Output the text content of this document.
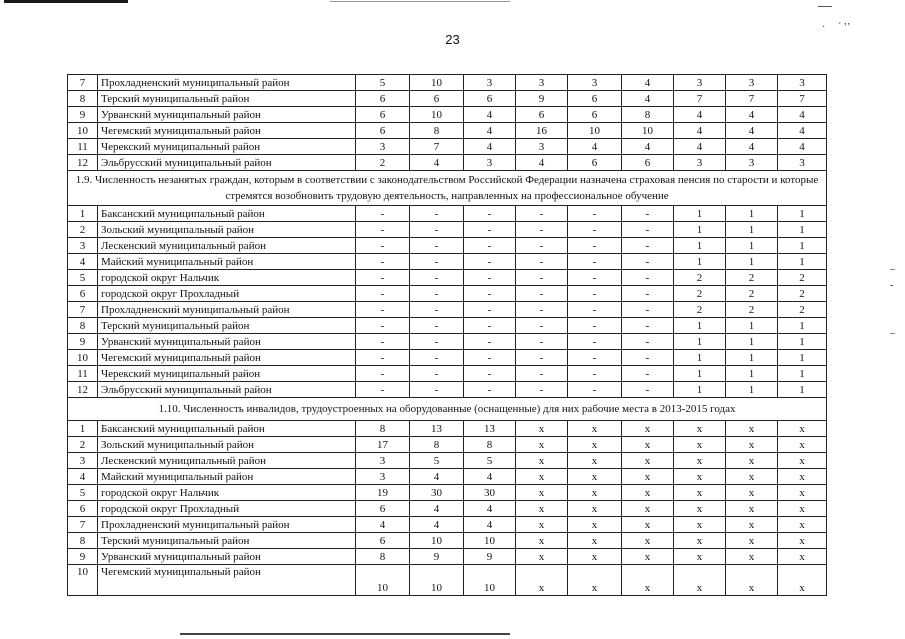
·     ˊ ʼʼ
–
‐

–
23
7	Прохладненский муниципальный район	5	10	3	3	3	4	3	3	3
8	Терский муниципальный район	6	6	6	9	6	4	7	7	7
9	Урванский муниципальный район	6	10	4	6	6	8	4	4	4
10	Чегемский муниципальный район	6	8	4	16	10	10	4	4	4
11	Черекский муниципальный район	3	7	4	3	4	4	4	4	4
12	Эльбрусский муниципальный район	2	4	3	4	6	6	3	3	3
1.9. Численность незанятых граждан, которым в соответствии с законодательством Российской Федерации назначена страховая пенсия по старости и которые стремятся возобновить трудовую деятельность, направленных на профессиональное обучение										
1	Баксанский муниципальный район	-	-	-	-	-	-	1	1	1
2	Зольский муниципальный район	-	-	-	-	-	-	1	1	1
3	Лескенский муниципальный район	-	-	-	-	-	-	1	1	1
4	Майский муниципальный район	-	-	-	-	-	-	1	1	1
5	городской округ Нальчик	-	-	-	-	-	-	2	2	2
6	городской округ Прохладный	-	-	-	-	-	-	2	2	2
7	Прохладненский муниципальный район	-	-	-	-	-	-	2	2	2
8	Терский муниципальный район	-	-	-	-	-	-	1	1	1
9	Урванский муниципальный район	-	-	-	-	-	-	1	1	1
10	Чегемский муниципальный район	-	-	-	-	-	-	1	1	1
11	Черекский муниципальный район	-	-	-	-	-	-	1	1	1
12	Эльбрусский муниципальный район	-	-	-	-	-	-	1	1	1
1.10. Численность инвалидов, трудоустроенных на оборудованные (оснащенные) для них рабочие места в 2013-2015 годах										
1	Баксанский муниципальный район	8	13	13	x	x	x	x	x	x
2	Зольский муниципальный район	17	8	8	x	x	x	x	x	x
3	Лескенский муниципальный район	3	5	5	x	x	x	x	x	x
4	Майский муниципальный район	3	4	4	x	x	x	x	x	x
5	городской округ Нальчик	19	30	30	x	x	x	x	x	x
6	городской округ Прохладный	6	4	4	x	x	x	x	x	x
7	Прохладненский муниципальный район	4	4	4	x	x	x	x	x	x
8	Терский муниципальный район	6	10	10	x	x	x	x	x	x
9	Урванский муниципальный район	8	9	9	x	x	x	x	x	x
10	Чегемский муниципальный район	10	10	10	x	x	x	x	x	x
